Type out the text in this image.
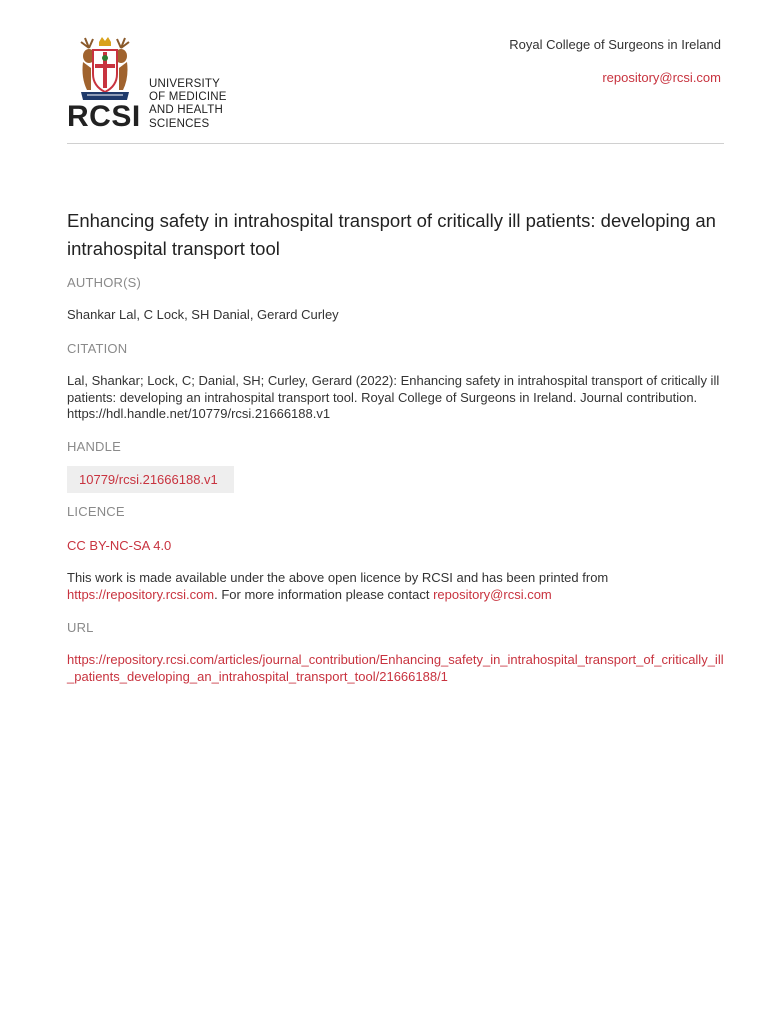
RCSI
UNIVERSITY
OF MEDICINE
AND HEALTH
SCIENCES
Royal College of Surgeons in Ireland
repository@rcsi.com
Enhancing safety in intrahospital transport of critically ill patients: developing an intrahospital transport tool
AUTHOR(S)
Shankar Lal, C Lock, SH Danial, Gerard Curley
CITATION
Lal, Shankar; Lock, C; Danial, SH; Curley, Gerard (2022): Enhancing safety in intrahospital transport of critically ill patients: developing an intrahospital transport tool. Royal College of Surgeons in Ireland. Journal contribution. https://hdl.handle.net/10779/rcsi.21666188.v1
HANDLE
10779/rcsi.21666188.v1
LICENCE
CC BY-NC-SA 4.0
This work is made available under the above open licence by RCSI and has been printed from
https://repository.rcsi.com. For more information please contact repository@rcsi.com
URL
https://repository.rcsi.com/articles/journal_contribution/Enhancing_safety_in_intrahospital_transport_of_critically_ill_patients_developing_an_intrahospital_transport_tool/21666188/1
